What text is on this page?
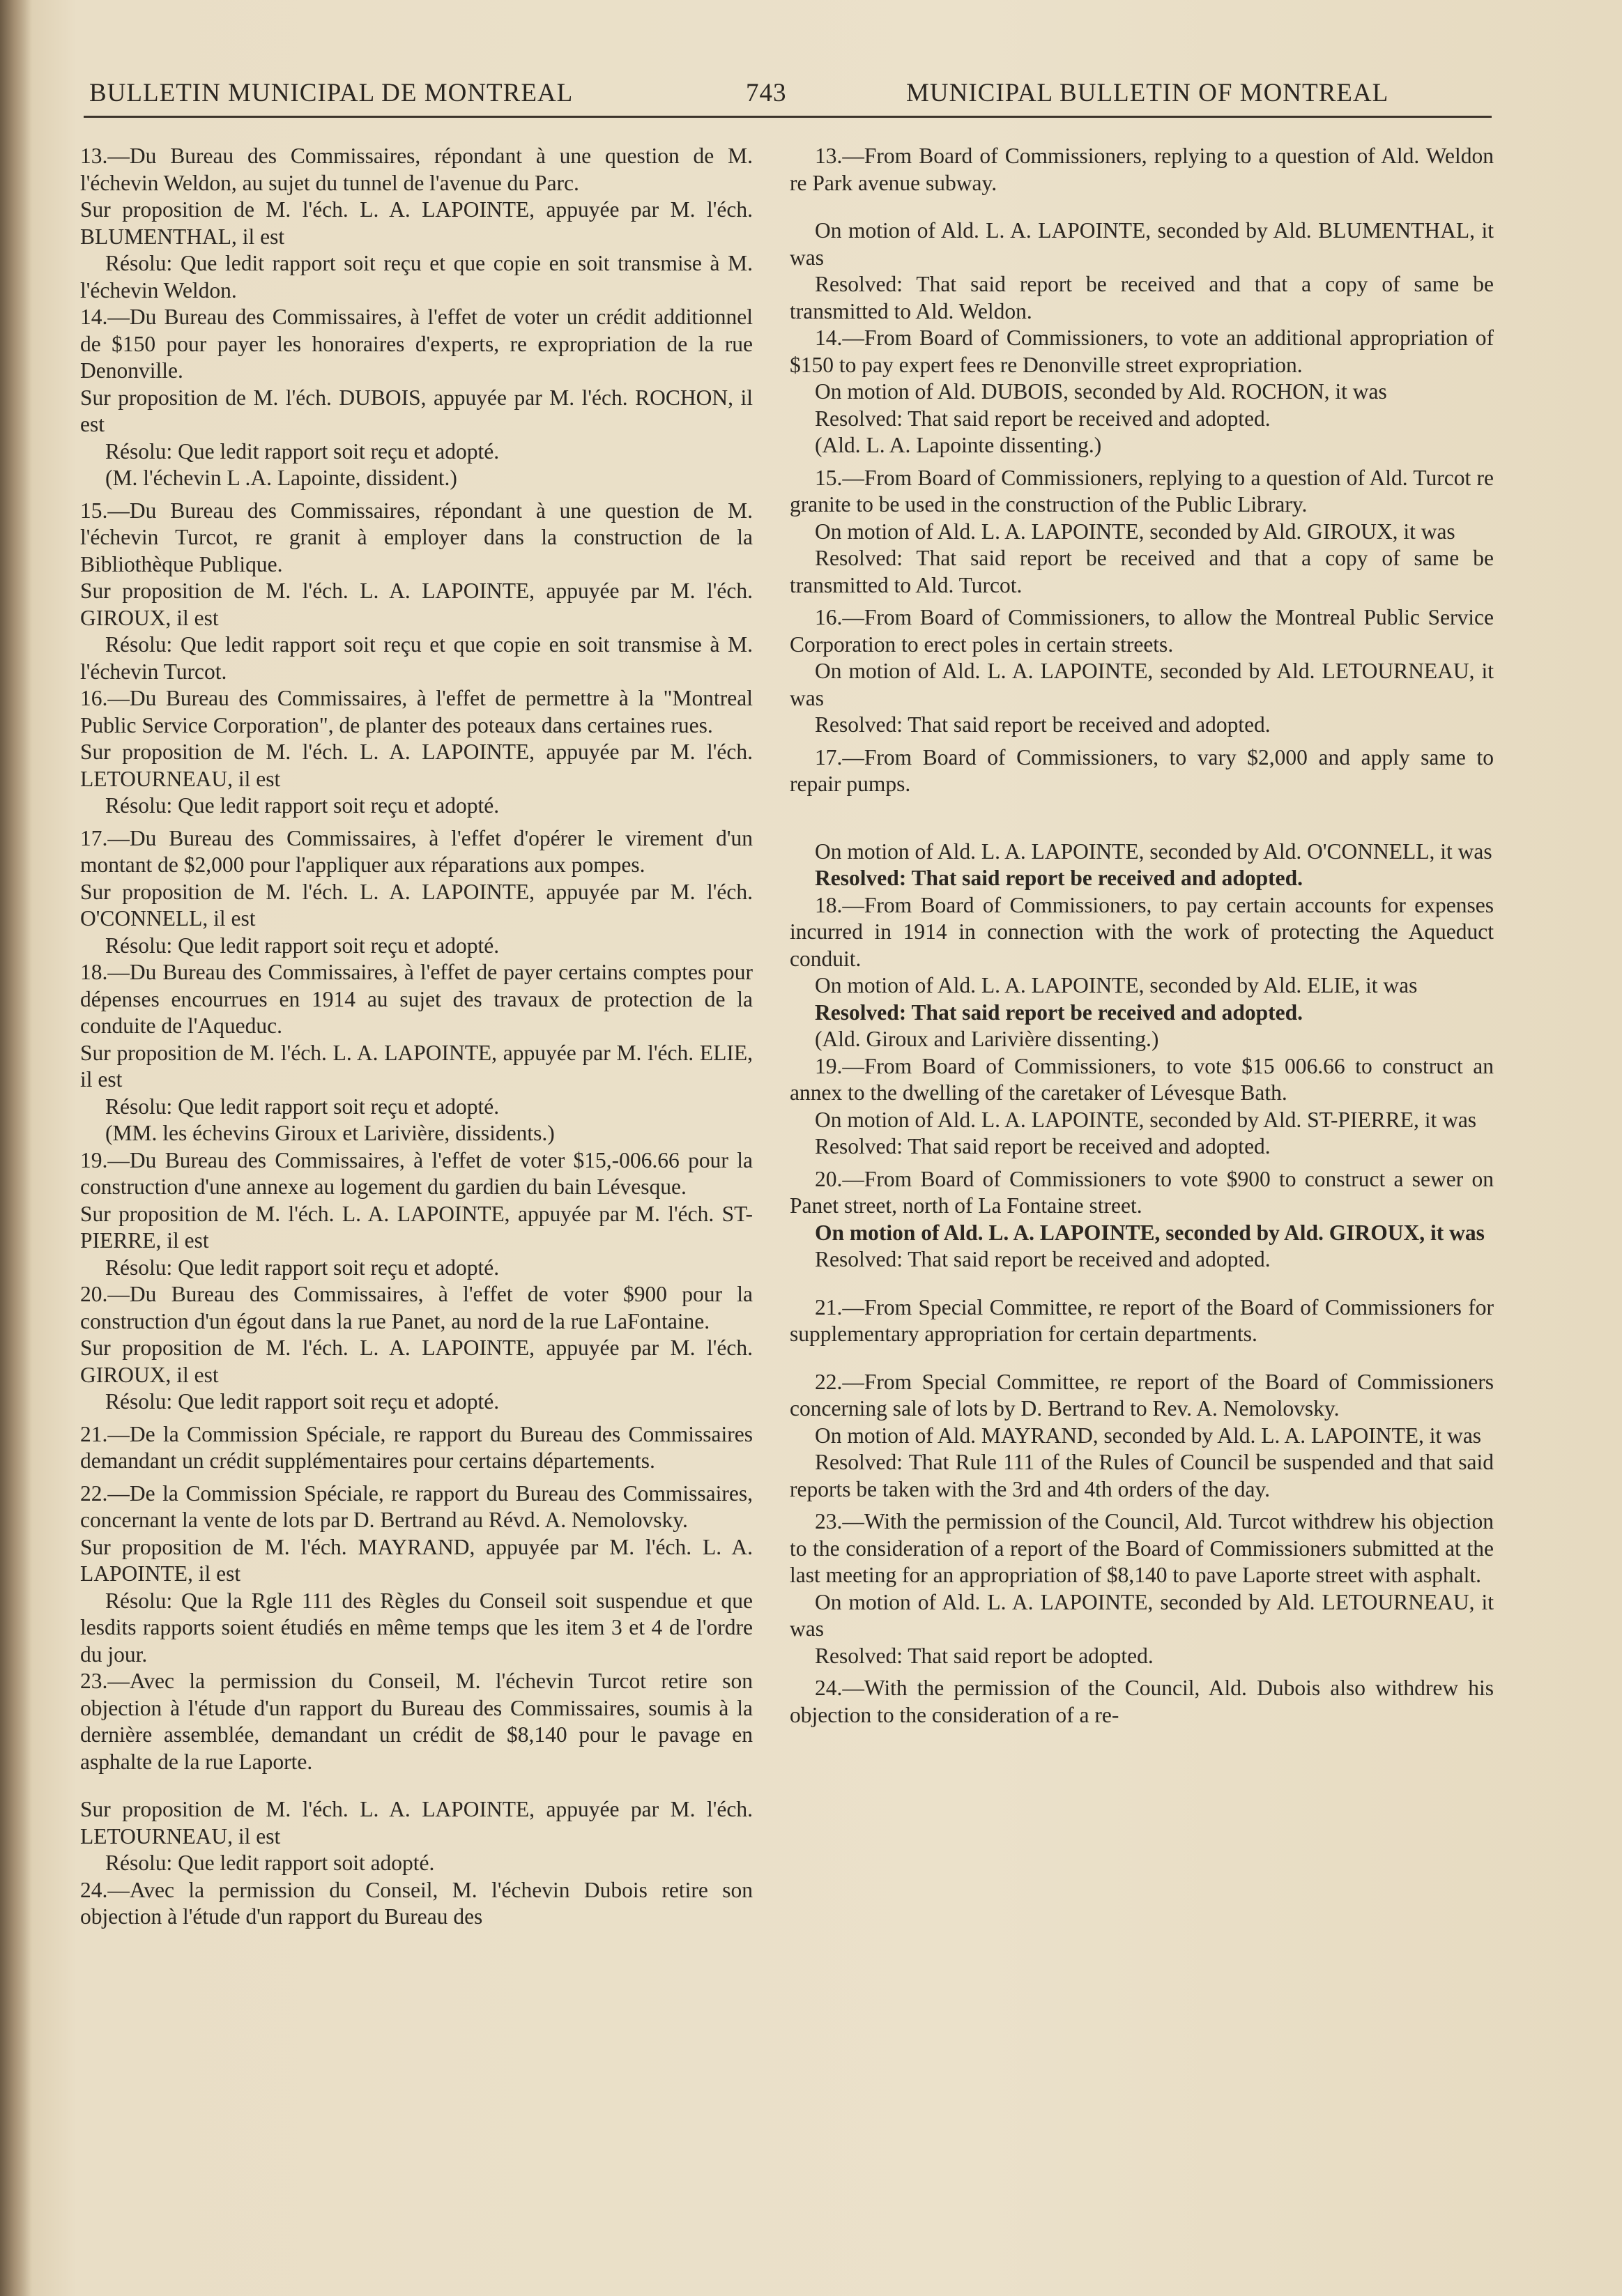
BULLETIN MUNICIPAL DE MONTREAL	743	MUNICIPAL BULLETIN OF MONTREAL

13.—Du Bureau des Commissaires, répondant à une question de M. l'échevin Weldon, au sujet du tunnel de l'avenue du Parc.

Sur proposition de M. l'éch. L. A. LAPOINTE, appuyée par M. l'éch. BLUMENTHAL, il est

Résolu: Que ledit rapport soit reçu et que copie en soit transmise à M. l'échevin Weldon.

14.—Du Bureau des Commissaires, à l'effet de voter un crédit additionnel de $150 pour payer les honoraires d'experts, re expropriation de la rue Denonville.

Sur proposition de M. l'éch. DUBOIS, appuyée par M. l'éch. ROCHON, il est

Résolu: Que ledit rapport soit reçu et adopté.

(M. l'échevin L .A. Lapointe, dissident.)

15.—Du Bureau des Commissaires, répondant à une question de M. l'échevin Turcot, re granit à employer dans la construction de la Bibliothèque Publique.

Sur proposition de M. l'éch. L. A. LAPOINTE, appuyée par M. l'éch. GIROUX, il est

Résolu: Que ledit rapport soit reçu et que copie en soit transmise à M. l'échevin Turcot.

16.—Du Bureau des Commissaires, à l'effet de permettre à la "Montreal Public Service Corporation", de planter des poteaux dans certaines rues.

Sur proposition de M. l'éch. L. A. LAPOINTE, appuyée par M. l'éch. LETOURNEAU, il est

Résolu: Que ledit rapport soit reçu et adopté.

17.—Du Bureau des Commissaires, à l'effet d'opérer le virement d'un montant de $2,000 pour l'appliquer aux réparations aux pompes.

Sur proposition de M. l'éch. L. A. LAPOINTE, appuyée par M. l'éch. O'CONNELL, il est

Résolu: Que ledit rapport soit reçu et adopté.

18.—Du Bureau des Commissaires, à l'effet de payer certains comptes pour dépenses encourrues en 1914 au sujet des travaux de protection de la conduite de l'Aqueduc.

Sur proposition de M. l'éch. L. A. LAPOINTE, appuyée par M. l'éch. ELIE, il est

Résolu: Que ledit rapport soit reçu et adopté.

(MM. les échevins Giroux et Larivière, dissidents.)

19.—Du Bureau des Commissaires, à l'effet de voter $15,-006.66 pour la construction d'une annexe au logement du gardien du bain Lévesque.

Sur proposition de M. l'éch. L. A. LAPOINTE, appuyée par M. l'éch. ST-PIERRE, il est

Résolu: Que ledit rapport soit reçu et adopté.

20.—Du Bureau des Commissaires, à l'effet de voter $900 pour la construction d'un égout dans la rue Panet, au nord de la rue LaFontaine.

Sur proposition de M. l'éch. L. A. LAPOINTE, appuyée par M. l'éch. GIROUX, il est

Résolu: Que ledit rapport soit reçu et adopté.

21.—De la Commission Spéciale, re rapport du Bureau des Commissaires demandant un crédit supplémentaires pour certains départements.

22.—De la Commission Spéciale, re rapport du Bureau des Commissaires, concernant la vente de lots par D. Bertrand au Révd. A. Nemolovsky.

Sur proposition de M. l'éch. MAYRAND, appuyée par M. l'éch. L. A. LAPOINTE, il est

Résolu: Que la Rgle 111 des Règles du Conseil soit suspendue et que lesdits rapports soient étudiés en même temps que les item 3 et 4 de l'ordre du jour.

23.—Avec la permission du Conseil, M. l'échevin Turcot retire son objection à l'étude d'un rapport du Bureau des Commissaires, soumis à la dernière assemblée, demandant un crédit de $8,140 pour le pavage en asphalte de la rue Laporte.

Sur proposition de M. l'éch. L. A. LAPOINTE, appuyée par M. l'éch. LETOURNEAU, il est

Résolu: Que ledit rapport soit adopté.

24.—Avec la permission du Conseil, M. l'échevin Dubois retire son objection à l'étude d'un rapport du Bureau des

13.—From Board of Commissioners, replying to a question of Ald. Weldon re Park avenue subway.

On motion of Ald. L. A. LAPOINTE, seconded by Ald. BLUMENTHAL, it was

Resolved: That said report be received and that a copy of same be transmitted to Ald. Weldon.

14.—From Board of Commissioners, to vote an additional appropriation of $150 to pay expert fees re Denonville street expropriation.

On motion of Ald. DUBOIS, seconded by Ald. ROCHON, it was

Resolved: That said report be received and adopted.

(Ald. L. A. Lapointe dissenting.)

15.—From Board of Commissioners, replying to a question of Ald. Turcot re granite to be used in the construction of the Public Library.

On motion of Ald. L. A. LAPOINTE, seconded by Ald. GIROUX, it was

Resolved: That said report be received and that a copy of same be transmitted to Ald. Turcot.

16.—From Board of Commissioners, to allow the Montreal Public Service Corporation to erect poles in certain streets.

On motion of Ald. L. A. LAPOINTE, seconded by Ald. LETOURNEAU, it was

Resolved: That said report be received and adopted.

17.—From Board of Commissioners, to vary $2,000 and apply same to repair pumps.

On motion of Ald. L. A. LAPOINTE, seconded by Ald. O'CONNELL, it was

Resolved: That said report be received and adopted.

18.—From Board of Commissioners, to pay certain accounts for expenses incurred in 1914 in connection with the work of protecting the Aqueduct conduit.

On motion of Ald. L. A. LAPOINTE, seconded by Ald. ELIE, it was

Resolved: That said report be received and adopted.

(Ald. Giroux and Larivière dissenting.)

19.—From Board of Commissioners, to vote $15 006.66 to construct an annex to the dwelling of the caretaker of Lévesque Bath.

On motion of Ald. L. A. LAPOINTE, seconded by Ald. ST-PIERRE, it was

Resolved: That said report be received and adopted.

20.—From Board of Commissioners to vote $900 to construct a sewer on Panet street, north of La Fontaine street.

On motion of Ald. L. A. LAPOINTE, seconded by Ald. GIROUX, it was

Resolved: That said report be received and adopted.

21.—From Special Committee, re report of the Board of Commissioners for supplementary appropriation for certain departments.

22.—From Special Committee, re report of the Board of Commissioners concerning sale of lots by D. Bertrand to Rev. A. Nemolovsky.

On motion of Ald. MAYRAND, seconded by Ald. L. A. LAPOINTE, it was

Resolved: That Rule 111 of the Rules of Council be suspended and that said reports be taken with the 3rd and 4th orders of the day.

23.—With the permission of the Council, Ald. Turcot withdrew his objection to the consideration of a report of the Board of Commissioners submitted at the last meeting for an appropriation of $8,140 to pave Laporte street with asphalt.

On motion of Ald. L. A. LAPOINTE, seconded by Ald. LETOURNEAU, it was

Resolved: That said report be adopted.

24.—With the permission of the Council, Ald. Dubois also withdrew his objection to the consideration of a re-
